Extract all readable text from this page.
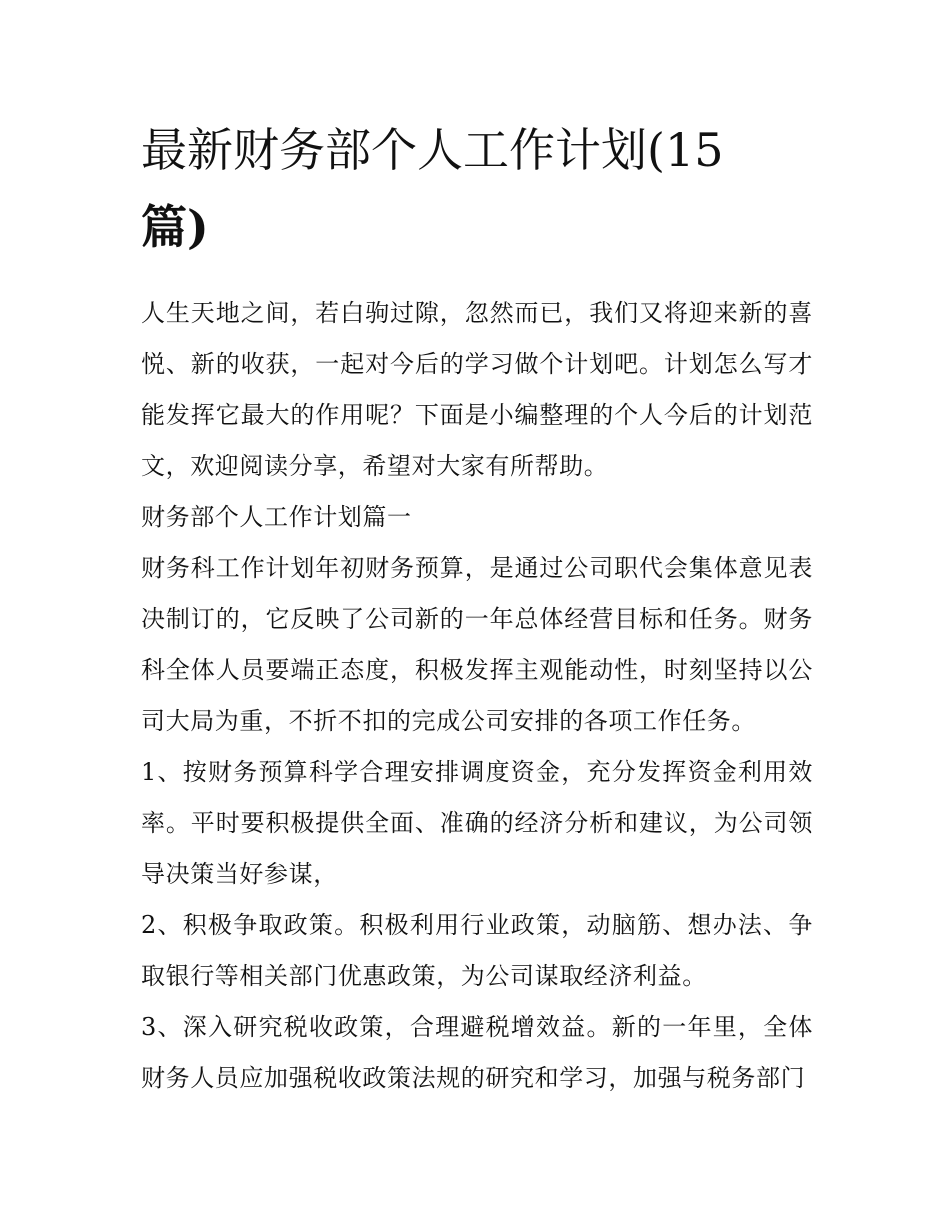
最新财务部个人工作计划(15
篇)

人生天地之间，若白驹过隙，忽然而已，我们又将迎来新的喜悦、新的收获，一起对今后的学习做个计划吧。计划怎么写才能发挥它最大的作用呢？下面是小编整理的个人今后的计划范文，欢迎阅读分享，希望对大家有所帮助。

财务部个人工作计划篇一

财务科工作计划年初财务预算，是通过公司职代会集体意见表决制订的，它反映了公司新的一年总体经营目标和任务。财务科全体人员要端正态度，积极发挥主观能动性，时刻坚持以公司大局为重，不折不扣的完成公司安排的各项工作任务。

1、按财务预算科学合理安排调度资金，充分发挥资金利用效率。平时要积极提供全面、准确的经济分析和建议，为公司领导决策当好参谋，

2、积极争取政策。积极利用行业政策，动脑筋、想办法、争取银行等相关部门优惠政策，为公司谋取经济利益。

3、深入研究税收政策，合理避税增效益。新的一年里，全体财务人员应加强税收政策法规的研究和学习，加强与税务部门
